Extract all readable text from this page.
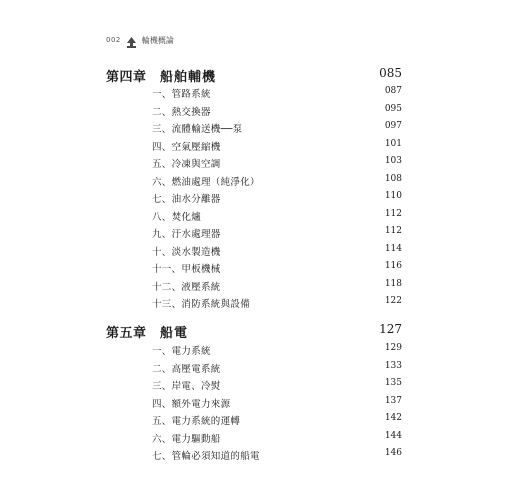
002	輪機概論
第四章 船舶輔機	085
一、管路系統	087
二、熱交換器	095
三、流體輸送機──泵	097
四、空氣壓縮機	101
五、冷凍與空調	103
六、燃油處理（純淨化）	108
七、油水分離器	110
八、焚化爐	112
九、汙水處理器	112
十、淡水製造機	114
十一、甲板機械	116
十二、液壓系統	118
十三、消防系統與設備	122
第五章 船電	127
一、電力系統	129
二、高壓電系統	133
三、岸電、冷熨	135
四、額外電力來源	137
五、電力系統的運轉	142
六、電力驅動船	144
七、管輪必須知道的船電	146
